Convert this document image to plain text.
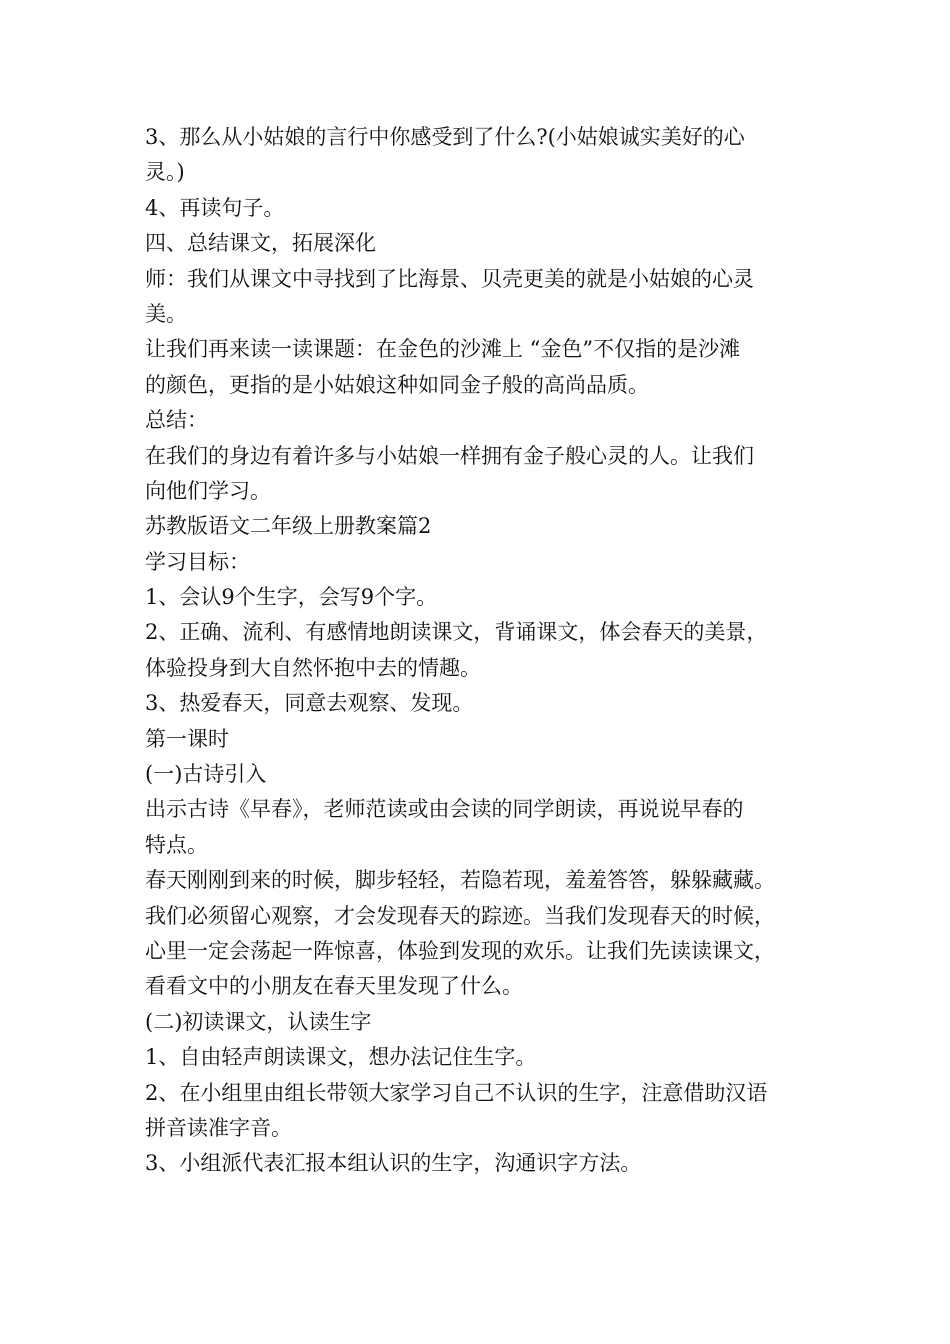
3、那么从小姑娘的言行中你感受到了什么?(小姑娘诚实美好的心
灵。)
4、再读句子。
四、总结课文，拓展深化
师：我们从课文中寻找到了比海景、贝壳更美的就是小姑娘的心灵
美。
让我们再来读一读课题：在金色的沙滩上 “金色”不仅指的是沙滩
的颜色，更指的是小姑娘这种如同金子般的高尚品质。
总结：
在我们的身边有着许多与小姑娘一样拥有金子般心灵的人。让我们
向他们学习。
苏教版语文二年级上册教案篇2
学习目标：
1、会认9个生字，会写9个字。
2、正确、流利、有感情地朗读课文，背诵课文，体会春天的美景，
体验投身到大自然怀抱中去的情趣。
3、热爱春天，同意去观察、发现。
第一课时
(一)古诗引入
出示古诗《早春》，老师范读或由会读的同学朗读，再说说早春的
特点。
春天刚刚到来的时候，脚步轻轻，若隐若现，羞羞答答，躲躲藏藏。
我们必须留心观察，才会发现春天的踪迹。当我们发现春天的时候，
心里一定会荡起一阵惊喜，体验到发现的欢乐。让我们先读读课文，
看看文中的小朋友在春天里发现了什么。
(二)初读课文，认读生字
1、自由轻声朗读课文，想办法记住生字。
2、在小组里由组长带领大家学习自己不认识的生字，注意借助汉语
拼音读准字音。
3、小组派代表汇报本组认识的生字，沟通识字方法。
